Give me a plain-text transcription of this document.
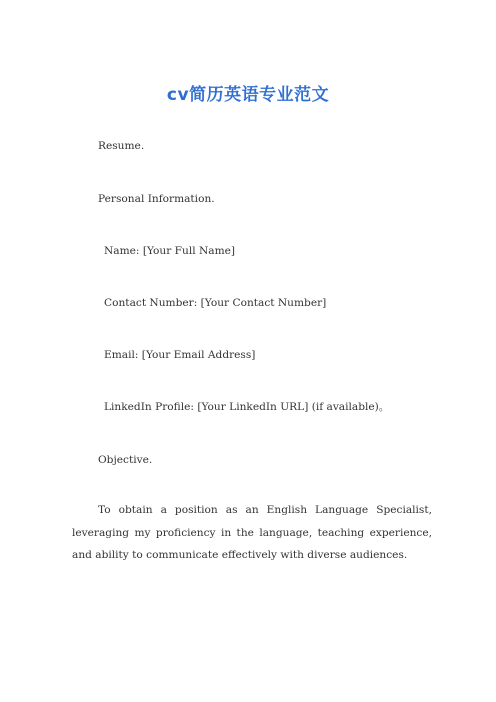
cv简历英语专业范文
Resume.
Personal Information.
Name: [Your Full Name]
Contact Number: [Your Contact Number]
Email: [Your Email Address]
LinkedIn Profile: [Your LinkedIn URL] (if available)。
Objective.
To obtain a position as an English Language Specialist, leveraging my proficiency in the language, teaching experience, and ability to communicate effectively with diverse audiences.
